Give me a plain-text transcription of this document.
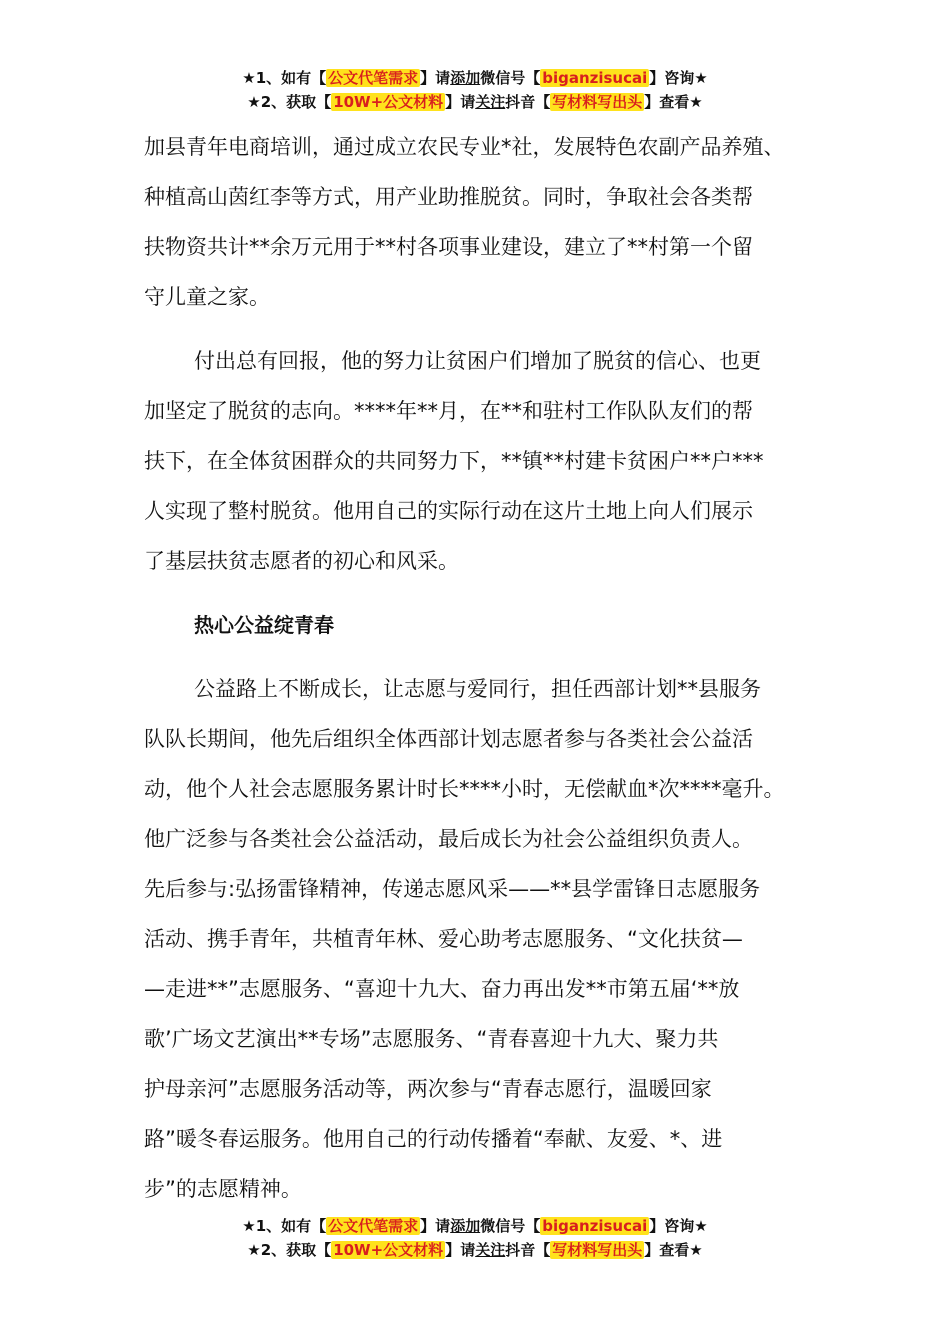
★1、如有【 公文代笔需求 】请添加微信号【 biganzisucai 】咨询★
★2、获取【 10W+公文材料 】请关注抖音【 写材料写出头 】查看★

加县青年电商培训，通过成立农民专业*社，发展特色农副产品养殖、

种植高山茵红李等方式，用产业助推脱贫。同时，争取社会各类帮

扶物资共计**余万元用于**村各项事业建设，建立了**村第一个留

守儿童之家。

付出总有回报，他的努力让贫困户们增加了脱贫的信心、也更

加坚定了脱贫的志向。****年**月，在**和驻村工作队队友们的帮

扶下，在全体贫困群众的共同努力下，**镇**村建卡贫困户**户***

人实现了整村脱贫。他用自己的实际行动在这片土地上向人们展示

了基层扶贫志愿者的初心和风采。

热心公益绽青春

公益路上不断成长，让志愿与爱同行，担任西部计划**县服务

队队长期间，他先后组织全体西部计划志愿者参与各类社会公益活

动，他个人社会志愿服务累计时长****小时，无偿献血*次****毫升。

他广泛参与各类社会公益活动，最后成长为社会公益组织负责人。

先后参与:弘扬雷锋精神，传递志愿风采——**县学雷锋日志愿服务

活动、携手青年，共植青年林、爱心助考志愿服务、“文化扶贫—

—走进**”志愿服务、“喜迎十九大、奋力再出发**市第五届‘**放

歌’广场文艺演出**专场”志愿服务、“青春喜迎十九大、聚力共

护母亲河”志愿服务活动等，两次参与“青春志愿行，温暖回家

路”暖冬春运服务。他用自己的行动传播着“奉献、友爱、*、进

步”的志愿精神。

★1、如有【 公文代笔需求 】请添加微信号【 biganzisucai 】咨询★
★2、获取【 10W+公文材料 】请关注抖音【 写材料写出头 】查看★
